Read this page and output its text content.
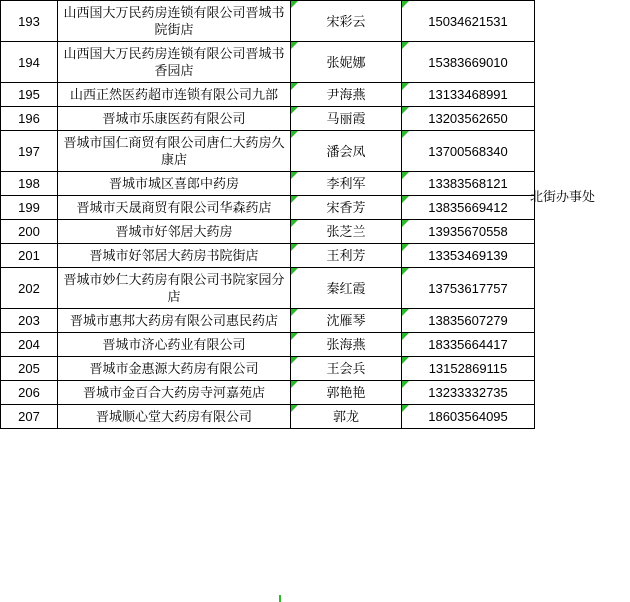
193	山西国大万民药房连锁有限公司晋城书院街店	宋彩云	15034621531
194	山西国大万民药房连锁有限公司晋城书香园店	张妮娜	15383669010
195	山西正然医药超市连锁有限公司九部	尹海燕	13133468991
196	晋城市乐康医药有限公司	马丽霞	13203562650
197	晋城市国仁商贸有限公司唐仁大药房久康店	潘会凤	13700568340
198	晋城市城区喜郎中药房	李利军	13383568121
199	晋城市天晟商贸有限公司华森药店	宋香芳	13835669412
200	晋城市好邻居大药房	张芝兰	13935670558
201	晋城市好邻居大药房书院街店	王利芳	13353469139
202	晋城市妙仁大药房有限公司书院家园分店	秦红霞	13753617757
203	晋城市惠邦大药房有限公司惠民药店	沈雁琴	13835607279
204	晋城市济心药业有限公司	张海燕	18335664417
205	晋城市金惠源大药房有限公司	王会兵	13152869115
206	晋城市金百合大药房寺河嘉苑店	郭艳艳	13233332735
207	晋城顺心堂大药房有限公司	郭龙	18603564095
北街办事处
